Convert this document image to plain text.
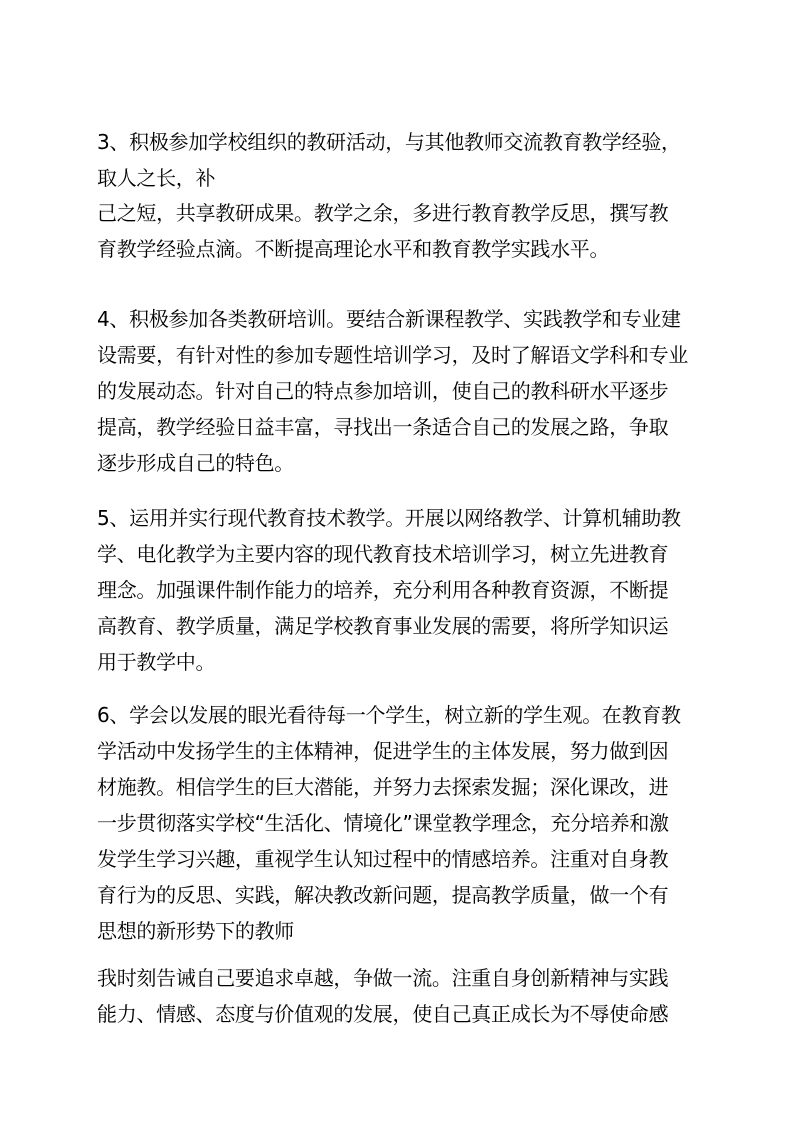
3、积极参加学校组织的教研活动，与其他教师交流教育教学经验，
取人之长，补
己之短，共享教研成果。教学之余，多进行教育教学反思，撰写教
育教学经验点滴。不断提高理论水平和教育教学实践水平。
4、积极参加各类教研培训。要结合新课程教学、实践教学和专业建
设需要，有针对性的参加专题性培训学习，及时了解语文学科和专业
的发展动态。针对自己的特点参加培训，使自己的教科研水平逐步
提高，教学经验日益丰富，寻找出一条适合自己的发展之路，争取
逐步形成自己的特色。
5、运用并实行现代教育技术教学。开展以网络教学、计算机辅助教
学、电化教学为主要内容的现代教育技术培训学习，树立先进教育
理念。加强课件制作能力的培养，充分利用各种教育资源，不断提
高教育、教学质量，满足学校教育事业发展的需要，将所学知识运
用于教学中。
6、学会以发展的眼光看待每一个学生，树立新的学生观。在教育教
学活动中发扬学生的主体精神，促进学生的主体发展，努力做到因
材施教。相信学生的巨大潜能，并努力去探索发掘；深化课改，进
一步贯彻落实学校“生活化、情境化”课堂教学理念，充分培养和激
发学生学习兴趣，重视学生认知过程中的情感培养。注重对自身教
育行为的反思、实践，解决教改新问题，提高教学质量，做一个有
思想的新形势下的教师
我时刻告诫自己要追求卓越，争做一流。注重自身创新精神与实践
能力、情感、态度与价值观的发展，使自己真正成长为不辱使命感
